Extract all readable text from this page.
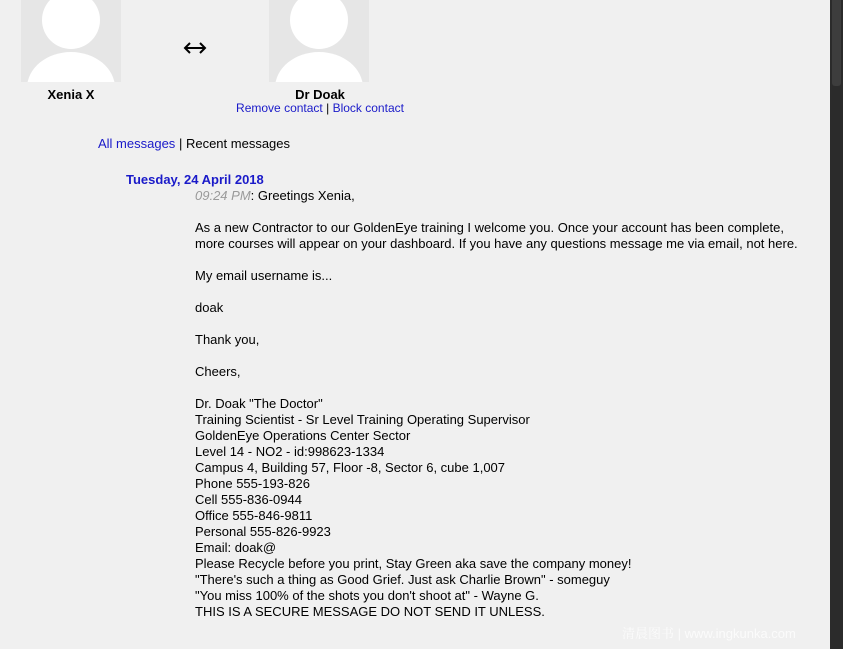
Xenia X	Dr Doak
Remove contact | Block contact
All messages | Recent messages
Tuesday, 24 April 2018
09:24 PM: Greetings Xenia,
As a new Contractor to our GoldenEye training I welcome you. Once your account has been complete,
more courses will appear on your dashboard. If you have any questions message me via email, not here.
My email username is...
doak
Thank you,
Cheers,
Dr. Doak "The Doctor"
Training Scientist - Sr Level Training Operating Supervisor
GoldenEye Operations Center Sector
Level 14 - NO2 - id:998623-1334
Campus 4, Building 57, Floor -8, Sector 6, cube 1,007
Phone 555-193-826
Cell 555-836-0944
Office 555-846-9811
Personal 555-826-9923
Email: doak@
Please Recycle before you print, Stay Green aka save the company money!
"There's such a thing as Good Grief. Just ask Charlie Brown" - someguy
"You miss 100% of the shots you don't shoot at" - Wayne G.
THIS IS A SECURE MESSAGE DO NOT SEND IT UNLESS.
清晨图书 | www.ingkunka.com
